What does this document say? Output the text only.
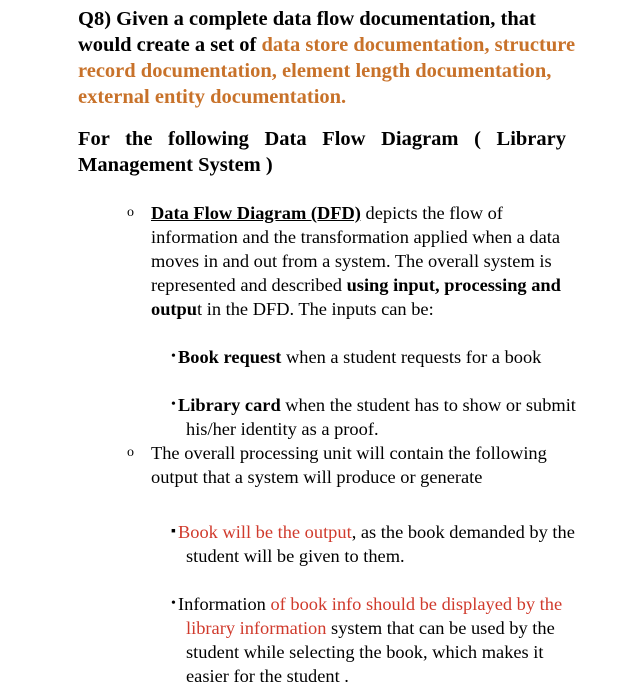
Q8) Given a complete data flow documentation, that would create a set of data store documentation, structure record documentation, element length documentation, external entity documentation.
For the following Data Flow Diagram ( Library Management System )
o Data Flow Diagram (DFD) depicts the flow of information and the transformation applied when a data moves in and out from a system. The overall system is represented and described using input, processing and output in the DFD. The inputs can be:
• Book request when a student requests for a book
• Library card when the student has to show or submit his/her identity as a proof.
o The overall processing unit will contain the following output that a system will produce or generate
▪ Book will be the output, as the book demanded by the student will be given to them.
• Information of book info should be displayed by the library information system that can be used by the student while selecting the book, which makes it easier for the student .
